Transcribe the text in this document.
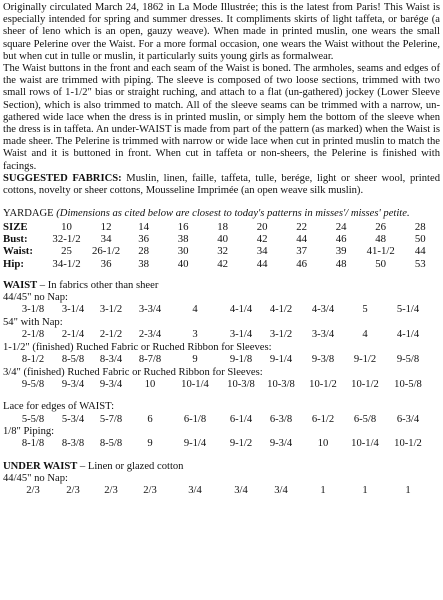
Originally circulated March 24, 1862 in La Mode Illustrée; this is the latest from Paris! This Waist is especially intended for spring and summer dresses. It compliments skirts of light taffeta, or barége (a sheer of leno which is an open, gauzy weave). When made in printed muslin, one wears the small square Pelerine over the Waist. For a more formal occasion, one wears the Waist without the Pelerine, but when cut in tulle or muslin, it particularly suits young girls as formalwear.

The Waist buttons in the front and each seam of the Waist is boned. The armholes, seams and edges of the waist are trimmed with piping. The sleeve is composed of two loose sections, trimmed with two small rows of 1-1/2" bias or straight ruching, and attach to a flat (un-gathered) jockey (Lower Sleeve Section), which is also trimmed to match. All of the sleeve seams can be trimmed with a narrow, un-gathered wide lace when the dress is in printed muslin, or simply hem the bottom of the sleeve when the dress is in taffeta. An under-WAIST is made from part of the pattern (as marked) when the Waist is made sheer. The Pelerine is trimmed with narrow or wide lace when cut in printed muslin to match the Waist and it is buttoned in front. When cut in taffeta or non-sheers, the Pelerine is finished with facings.

SUGGESTED FABRICS: Muslin, linen, faille, taffeta, tulle, berége, light or sheer wool, printed cottons, novelty or sheer cottons, Mousseline Imprimée (an open weave silk muslin).

YARDAGE (Dimensions as cited below are closest to today's patterns in misses'/ misses' petite.

SIZE	10	12	14	16	18	20	22	24	26	28
Bust:	32-1/2	34	36	38	40	42	44	46	48	50
Waist:	25	26-1/2	28	30	32	34	37	39	41-1/2	44
Hip:	34-1/2	36	38	40	42	44	46	48	50	53

WAIST – In fabrics other than sheer

44/45" no Nap:

3-1/8	3-1/4	3-1/2	3-3/4	4	4-1/4	4-1/2	4-3/4	5	5-1/4

54" with Nap:

2-1/8	2-1/4	2-1/2	2-3/4	3	3-1/4	3-1/2	3-3/4	4	4-1/4

1-1/2" (finished) Ruched Fabric or Ruched Ribbon for Sleeves:

8-1/2	8-5/8	8-3/4	8-7/8	9	9-1/8	9-1/4	9-3/8	9-1/2	9-5/8

3/4" (finished) Ruched Fabric or Ruched Ribbon for Sleeves:

9-5/8	9-3/4	9-3/4	10	10-1/4	10-3/8	10-3/8	10-1/2	10-1/2	10-5/8

Lace for edges of WAIST:

5-5/8	5-3/4	5-7/8	6	6-1/8	6-1/4	6-3/8	6-1/2	6-5/8	6-3/4

1/8" Piping:

8-1/8	8-3/8	8-5/8	9	9-1/4	9-1/2	9-3/4	10	10-1/4	10-1/2

UNDER WAIST – Linen or glazed cotton

44/45" no Nap:

2/3	2/3	2/3	2/3	3/4	3/4	3/4	1	1	1
